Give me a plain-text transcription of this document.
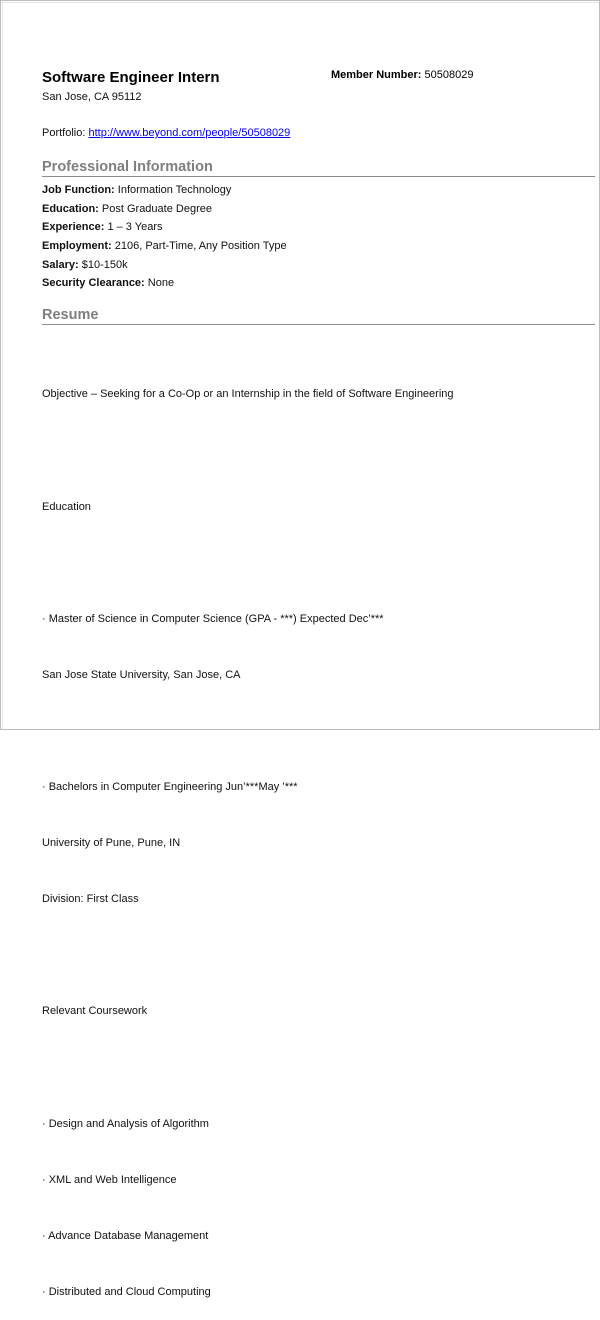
Software Engineer Intern	Member Number: 50508029
San Jose, CA 95112
Portfolio: http://www.beyond.com/people/50508029
Professional Information
Job Function: Information Technology
Education: Post Graduate Degree
Experience: 1 – 3 Years
Employment: 2106, Part-Time, Any Position Type
Salary: $10-150k
Security Clearance: None
Resume

Objective – Seeking for a Co-Op or an Internship in the field of Software Engineering

Education

· Master of Science in Computer Science (GPA - ***) Expected Dec’***

San Jose State University, San Jose, CA

· Bachelors in Computer Engineering Jun’***May ’***

University of Pune, Pune, IN

Division: First Class

Relevant Coursework

· Design and Analysis of Algorithm

· XML and Web Intelligence

· Advance Database Management

· Distributed and Cloud Computing
